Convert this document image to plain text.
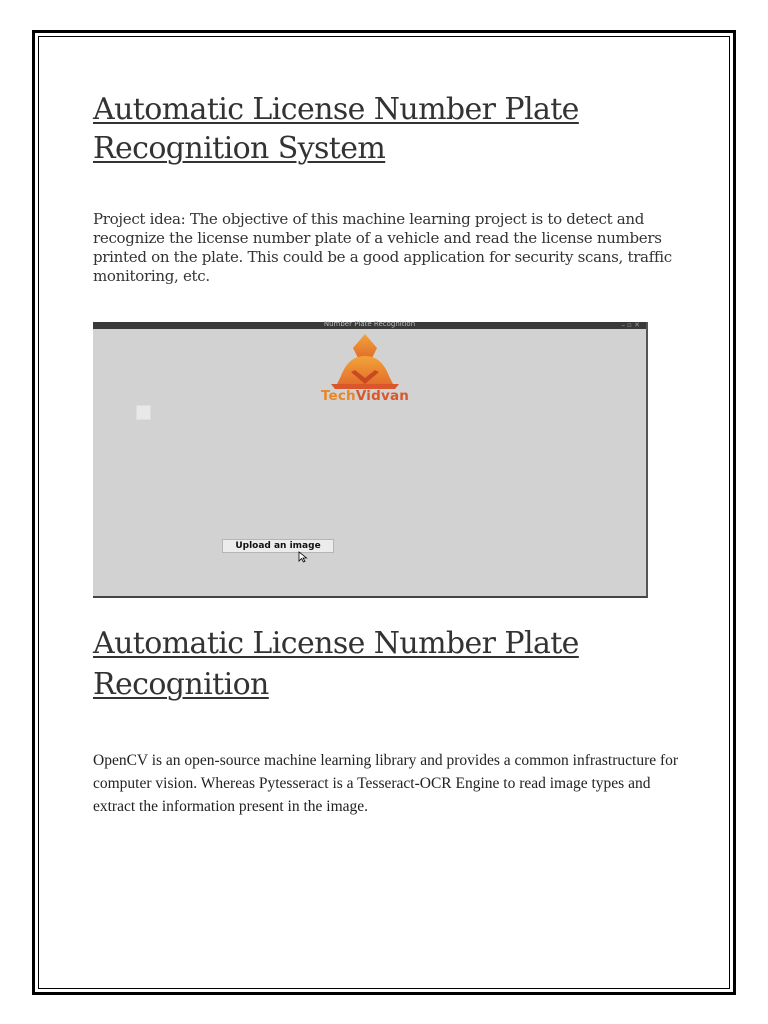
Automatic License Number Plate Recognition System

Project idea: The objective of this machine learning project is to detect and recognize the license number plate of a vehicle and read the license numbers printed on the plate. This could be a good application for security scans, traffic monitoring, etc.

Number Plate Recognition	– ▫ ✕
TechVidvan
Upload an image
Automatic License Number Plate Recognition

OpenCV is an open-source machine learning library and provides a common infrastructure for computer vision. Whereas Pytesseract is a Tesseract-OCR Engine to read image types and extract the information present in the image.
